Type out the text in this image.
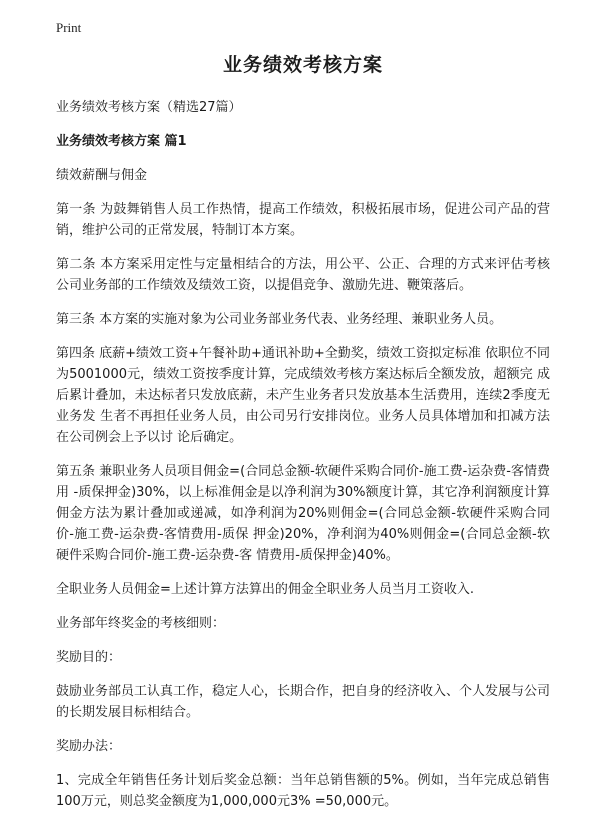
Print
业务绩效考核方案

业务绩效考核方案（精选27篇）

业务绩效考核方案 篇1

绩效薪酬与佣金

第一条 为鼓舞销售人员工作热情，提高工作绩效，积极拓展市场，促进公司产品的营销，维护公司的正常发展，特制订本方案。

第二条 本方案采用定性与定量相结合的方法，用公平、公正、合理的方式来评估考核公司业务部的工作绩效及绩效工资，以提倡竞争、激励先进、鞭策落后。

第三条 本方案的实施对象为公司业务部业务代表、业务经理、兼职业务人员。

第四条 底薪+绩效工资+午餐补助+通讯补助+全勤奖，绩效工资拟定标准 依职位不同为5001000元，绩效工资按季度计算，完成绩效考核方案达标后全额发放，超额完 成后累计叠加，未达标者只发放底薪，未产生业务者只发放基本生活费用，连续2季度无业务发 生者不再担任业务人员，由公司另行安排岗位。业务人员具体增加和扣减方法在公司例会上予以讨 论后确定。

第五条 兼职业务人员项目佣金=(合同总金额-软硬件采购合同价-施工费-运杂费-客情费用 -质保押金)30%，以上标准佣金是以净利润为30%额度计算，其它净利润额度计算佣金方法为累计叠加或递减，如净利润为20%则佣金=(合同总金额-软硬件采购合同价-施工费-运杂费-客情费用-质保 押金)20%，净利润为40%则佣金=(合同总金额-软硬件采购合同价-施工费-运杂费-客 情费用-质保押金)40%。

全职业务人员佣金=上述计算方法算出的佣金全职业务人员当月工资收入.

业务部年终奖金的考核细则：

奖励目的：

鼓励业务部员工认真工作，稳定人心，长期合作，把自身的经济收入、个人发展与公司的长期发展目标相结合。

奖励办法：

1、完成全年销售任务计划后奖金总额：当年总销售额的5%。例如，当年完成总销售100万元，则总奖金额度为1,000,000元3% =50,000元。
